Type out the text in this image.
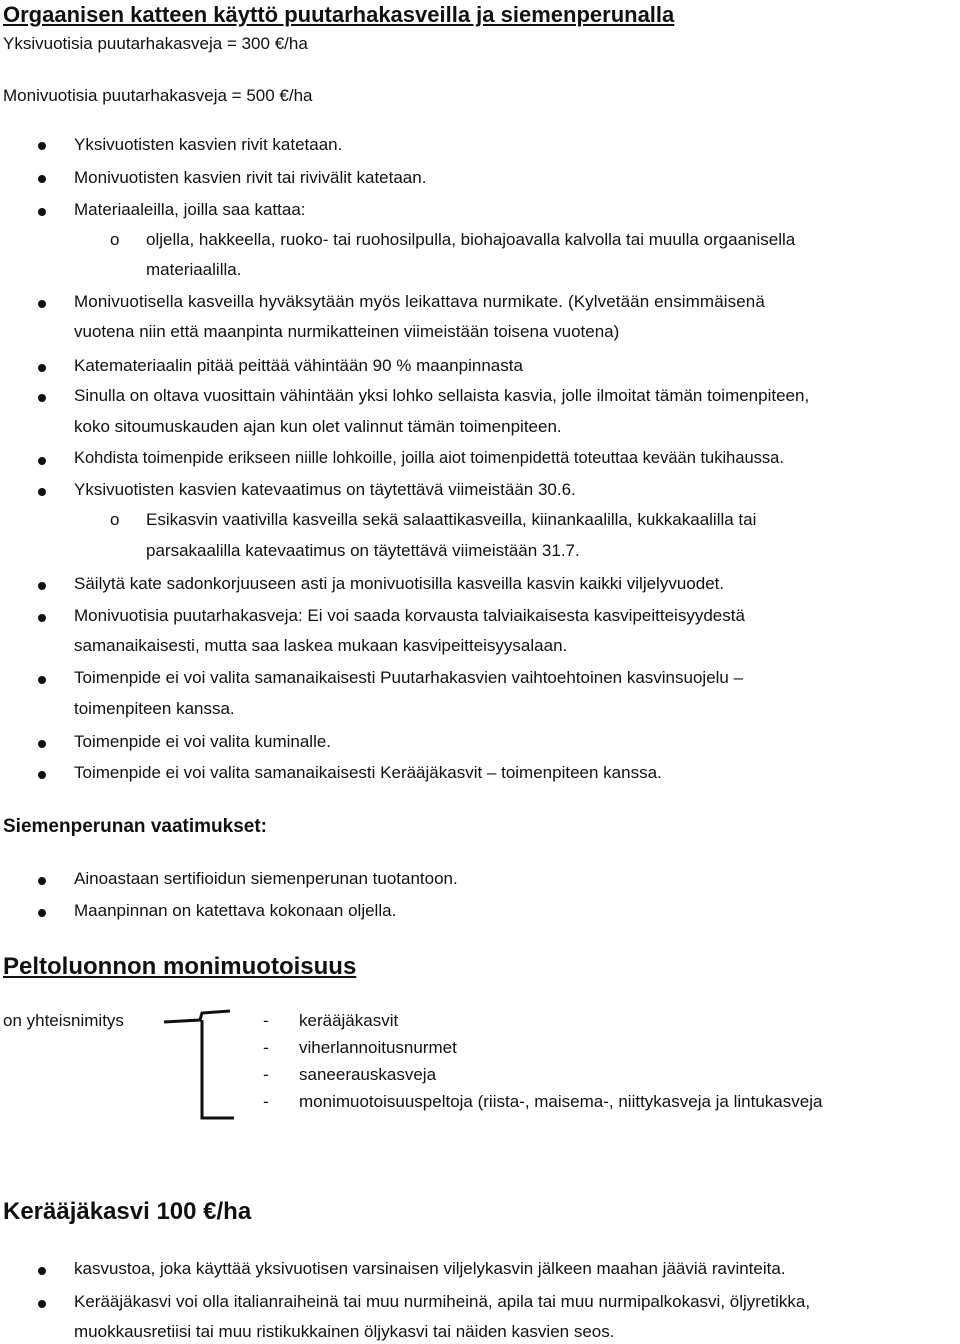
Orgaanisen katteen käyttö puutarhakasveilla ja siemenperunalla
Yksivuotisia puutarhakasveja = 300 €/ha
Monivuotisia puutarhakasveja = 500 €/ha
Yksivuotisten kasvien rivit katetaan.
Monivuotisten kasvien rivit tai rivivälit katetaan.
Materiaaleilla, joilla saa kattaa:
o oljella, hakkeella, ruoko- tai ruohosilpulla, biohajoavalla kalvolla tai muulla orgaanisella
materiaalilla.
Monivuotisella kasveilla hyväksytään myös leikattava nurmikate. (Kylvetään ensimmäisenä
vuotena niin että maanpinta nurmikatteinen viimeistään toisena vuotena)
Katemateriaalin pitää peittää vähintään 90 % maanpinnasta
Sinulla on oltava vuosittain vähintään yksi lohko sellaista kasvia, jolle ilmoitat tämän toimenpiteen,
koko sitoumuskauden ajan kun olet valinnut tämän toimenpiteen.
Kohdista toimenpide erikseen niille lohkoille, joilla aiot toimenpidettä toteuttaa kevään tukihaussa.
Yksivuotisten kasvien katevaatimus on täytettävä viimeistään 30.6.
o Esikasvin vaativilla kasveilla sekä salaattikasveilla, kiinankaalilla, kukkakaalilla tai
parsakaalilla katevaatimus on täytettävä viimeistään 31.7.
Säilytä kate sadonkorjuuseen asti ja monivuotisilla kasveilla kasvin kaikki viljelyvuodet.
Monivuotisia puutarhakasveja: Ei voi saada korvausta talviaikaisesta kasvipeitteisyydestä
samanaikaisesti, mutta saa laskea mukaan kasvipeitteisyysalaan.
Toimenpide ei voi valita samanaikaisesti Puutarhakasvien vaihtoehtoinen kasvinsuojelu –
toimenpiteen kanssa.
Toimenpide ei voi valita kuminalle.
Toimenpide ei voi valita samanaikaisesti Kerääjäkasvit – toimenpiteen kanssa.
Siemenperunan vaatimukset:
Ainoastaan sertifioidun siemenperunan tuotantoon.
Maanpinnan on katettava kokonaan oljella.
Peltoluonnon monimuotoisuus
on yhteisnimitys	- kerääjäkasvit
- viherlannoitusnurmet
- saneerauskasveja
- monimuotoisuuspeltoja (riista-, maisema-, niittykasveja ja lintukasveja
Kerääjäkasvi 100 €/ha
kasvustoa, joka käyttää yksivuotisen varsinaisen viljelykasvin jälkeen maahan jääviä ravinteita.
Kerääjäkasvi voi olla italianraiheinä tai muu nurmiheinä, apila tai muu nurmipalkokasvi, öljyretikka,
muokkausretiisi tai muu ristikukkainen öljykasvi tai näiden kasvien seos.
